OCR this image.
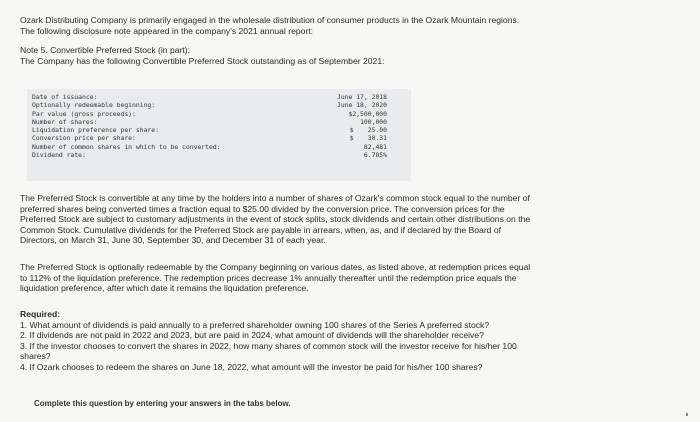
Ozark Distributing Company is primarily engaged in the wholesale distribution of consumer products in the Ozark Mountain regions.
The following disclosure note appeared in the company's 2021 annual report:

Note 5. Convertible Preferred Stock (in part):
The Company has the following Convertible Preferred Stock outstanding as of September 2021:

Date of issuance:
Optionally redeemable beginning:
Par value (gross proceeds):
Number of shares:
Liquidation preference per share:
Conversion price per share:
Number of common shares in which to be converted:
Dividend rate:
June 17, 2018
June 18, 2020
$2,500,000
100,000
$ 25.00
$ 30.31
82,481
6.785%

The Preferred Stock is convertible at any time by the holders into a number of shares of Ozark's common stock equal to the number of
preferred shares being converted times a fraction equal to $25.00 divided by the conversion price. The conversion prices for the
Preferred Stock are subject to customary adjustments in the event of stock splits, stock dividends and certain other distributions on the
Common Stock. Cumulative dividends for the Preferred Stock are payable in arrears, when, as, and if declared by the Board of
Directors, on March 31, June 30, September 30, and December 31 of each year.

The Preferred Stock is optionally redeemable by the Company beginning on various dates, as listed above, at redemption prices equal
to 112% of the liquidation preference. The redemption prices decrease 1% annually thereafter until the redemption price equals the
liquidation preference, after which date it remains the liquidation preference.

Required:
1. What amount of dividends is paid annually to a preferred shareholder owning 100 shares of the Series A preferred stock?
2. If dividends are not paid in 2022 and 2023, but are paid in 2024, what amount of dividends will the shareholder receive?
3. If the investor chooses to convert the shares in 2022, how many shares of common stock will the investor receive for his/her 100
shares?
4. If Ozark chooses to redeem the shares on June 18, 2022, what amount will the investor be paid for his/her 100 shares?

Complete this question by entering your answers in the tabs below.
